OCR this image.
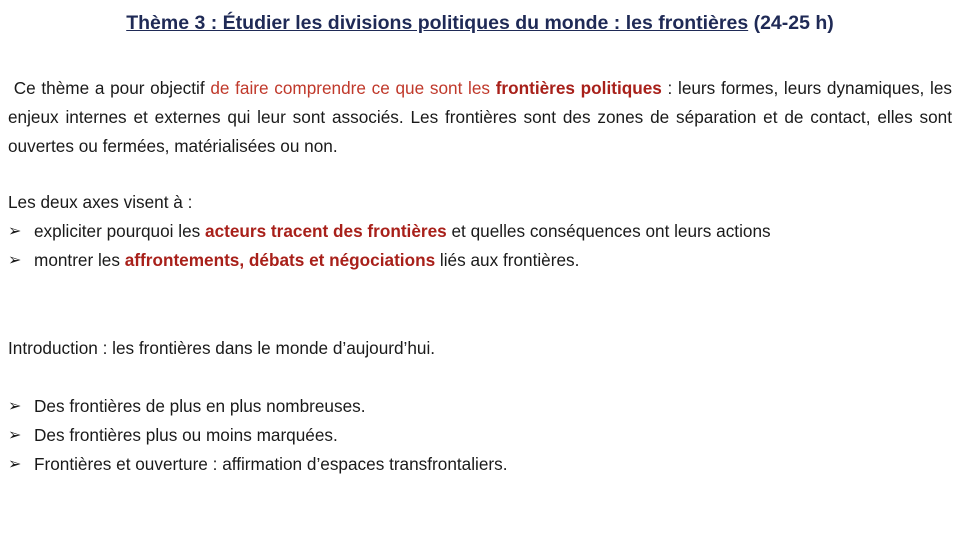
Thème 3 : Étudier les divisions politiques du monde : les frontières (24-25 h)
Ce thème a pour objectif de faire comprendre ce que sont les frontières politiques : leurs formes, leurs dynamiques, les enjeux internes et externes qui leur sont associés. Les frontières sont des zones de séparation et de contact, elles sont ouvertes ou fermées, matérialisées ou non.
Les deux axes visent à :
➢ expliciter pourquoi les acteurs tracent des frontières et quelles conséquences ont leurs actions
➢ montrer les affrontements, débats et négociations liés aux frontières.
Introduction : les frontières dans le monde d’aujourd’hui.
➢ Des frontières de plus en plus nombreuses.
➢ Des frontières plus ou moins marquées.
➢ Frontières et ouverture : affirmation d’espaces transfrontaliers.
